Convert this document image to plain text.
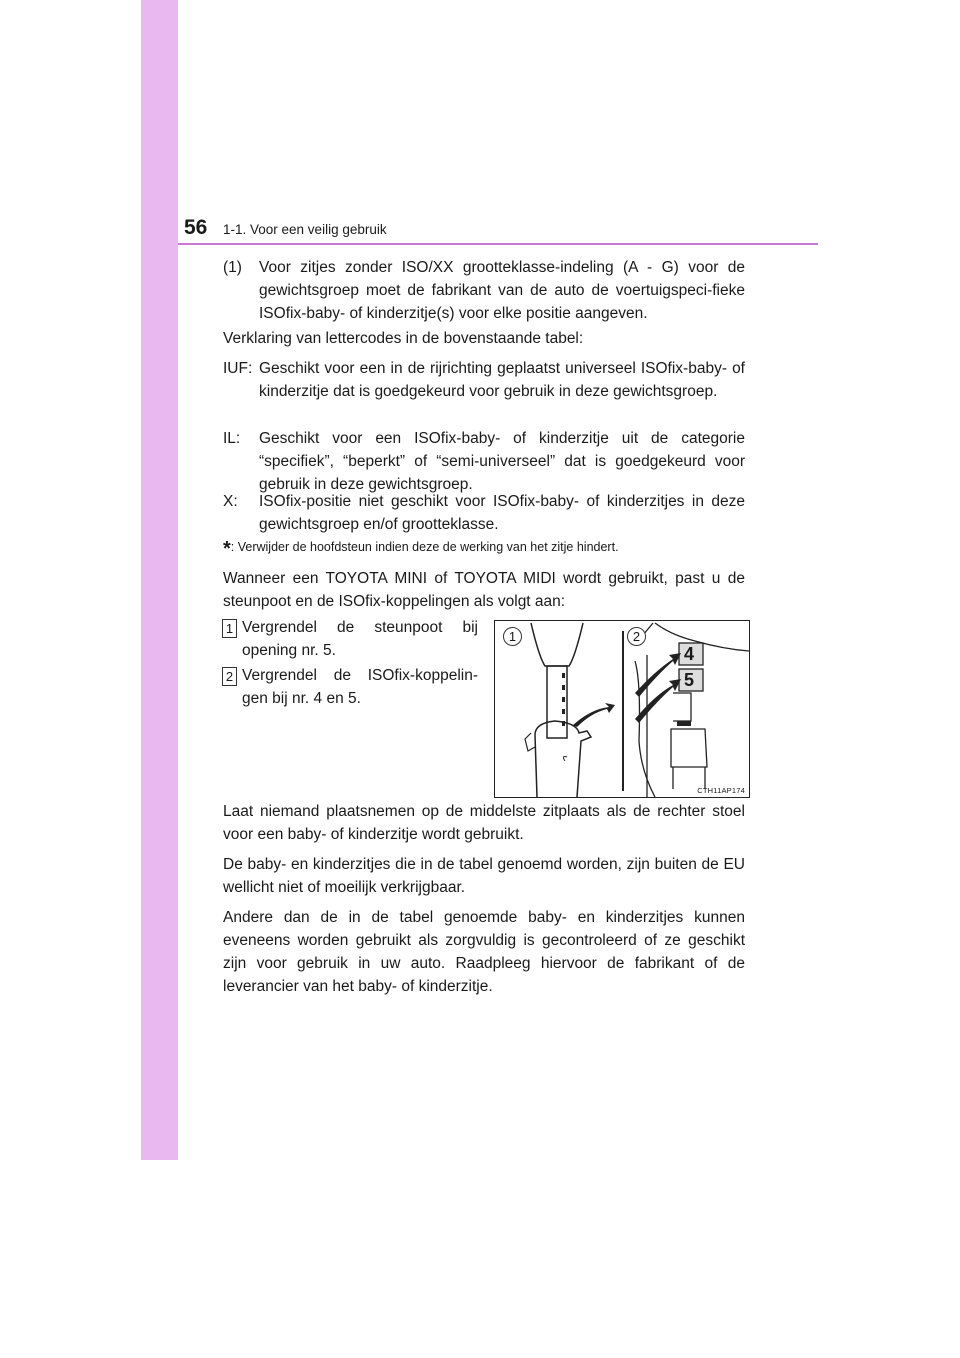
56 1-1. Voor een veilig gebruik
(1) Voor zitjes zonder ISO/XX grootteklasse-indeling (A - G) voor de gewichtsgroep moet de fabrikant van de auto de voertuigspeci-fieke ISOfix-baby- of kinderzitje(s) voor elke positie aangeven.
Verklaring van lettercodes in de bovenstaande tabel:
IUF: Geschikt voor een in de rijrichting geplaatst universeel ISOfix-baby- of kinderzitje dat is goedgekeurd voor gebruik in deze gewichtsgroep.
IL: Geschikt voor een ISOfix-baby- of kinderzitje uit de categorie “specifiek”, “beperkt” of “semi-universeel” dat is goedgekeurd voor gebruik in deze gewichtsgroep.
X: ISOfix-positie niet geschikt voor ISOfix-baby- of kinderzitjes in deze gewichtsgroep en/of grootteklasse.
*: Verwijder de hoofdsteun indien deze de werking van het zitje hindert.
Wanneer een TOYOTA MINI of TOYOTA MIDI wordt gebruikt, past u de steunpoot en de ISOfix-koppelingen als volgt aan:
1 Vergrendel de steunpoot bij opening nr. 5.
2 Vergrendel de ISOfix-koppelin-gen bij nr. 4 en 5.
1	2
4
5
CTH11AP174
Laat niemand plaatsnemen op de middelste zitplaats als de rechter stoel voor een baby- of kinderzitje wordt gebruikt.
De baby- en kinderzitjes die in de tabel genoemd worden, zijn buiten de EU wellicht niet of moeilijk verkrijgbaar.
Andere dan de in de tabel genoemde baby- en kinderzitjes kunnen eveneens worden gebruikt als zorgvuldig is gecontroleerd of ze geschikt zijn voor gebruik in uw auto. Raadpleeg hiervoor de fabrikant of de leverancier van het baby- of kinderzitje.
